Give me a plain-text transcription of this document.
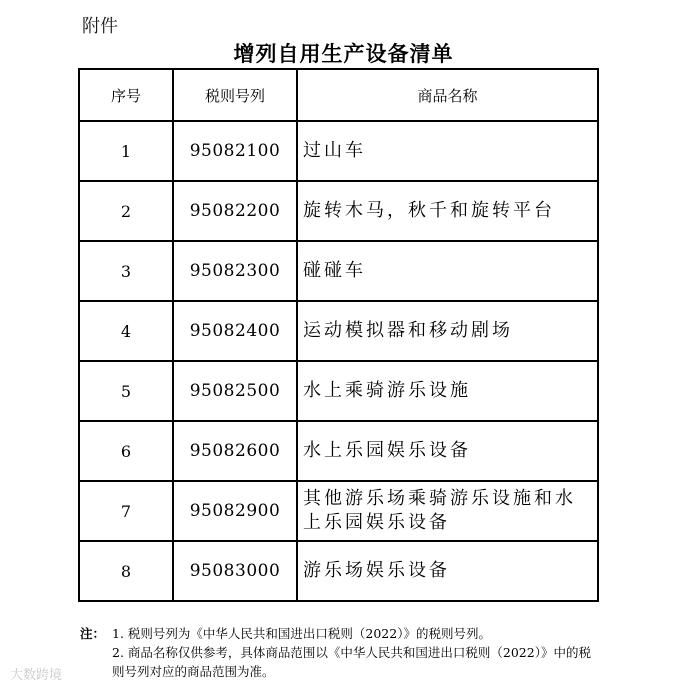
附件
增列自用生产设备清单
序号	税则号列	商品名称
1	95082100	过山车
2	95082200	旋转木马，秋千和旋转平台
3	95082300	碰碰车
4	95082400	运动模拟器和移动剧场
5	95082500	水上乘骑游乐设施
6	95082600	水上乐园娱乐设备
7	95082900	其他游乐场乘骑游乐设施和水上乐园娱乐设备
8	95083000	游乐场娱乐设备
注： 1. 税则号列为《中华人民共和国进出口税则（2022）》的税则号列。
2. 商品名称仅供参考，具体商品范围以《中华人民共和国进出口税则（2022）》中的税则号列对应的商品范围为准。
大数跨境
